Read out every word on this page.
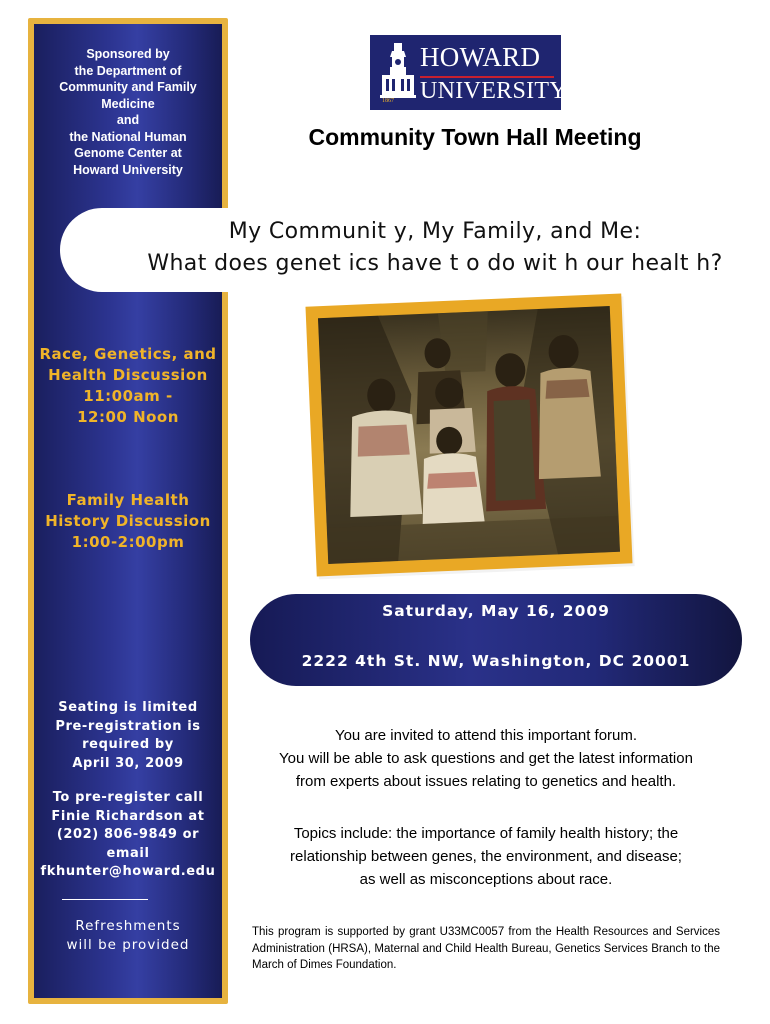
Sponsored by
the Department of
Community and Family
Medicine
and
the National Human
Genome Center at
Howard University
Race, Genetics, and
Health Discussion
11:00am -
12:00 Noon
Family Health
History Discussion
1:00-2:00pm
Seating is limited
Pre-registration is
required by
April 30, 2009
To pre-register call
Finie Richardson at
(202) 806-9849 or
email
fkhunter@howard.edu
Refreshments
will be provided
HOWARD
UNIVERSITY
1867
Community Town Hall Meeting
My Communit y, My Family, and Me:
What does genet ics have t o do wit h our healt h?
Saturday, May 16, 2009
2222 4th St. NW, Washington, DC 20001
You are invited to attend this important forum.
You will be able to ask questions and get the latest information
from experts about issues relating to genetics and health.
Topics include: the importance of family health history; the
relationship between genes, the environment, and disease;
as well as misconceptions about race.
This program is supported by grant U33MC0057 from the Health Resources and Services Administration (HRSA), Maternal and Child Health Bureau, Genetics Services Branch to the March of Dimes Foundation.
